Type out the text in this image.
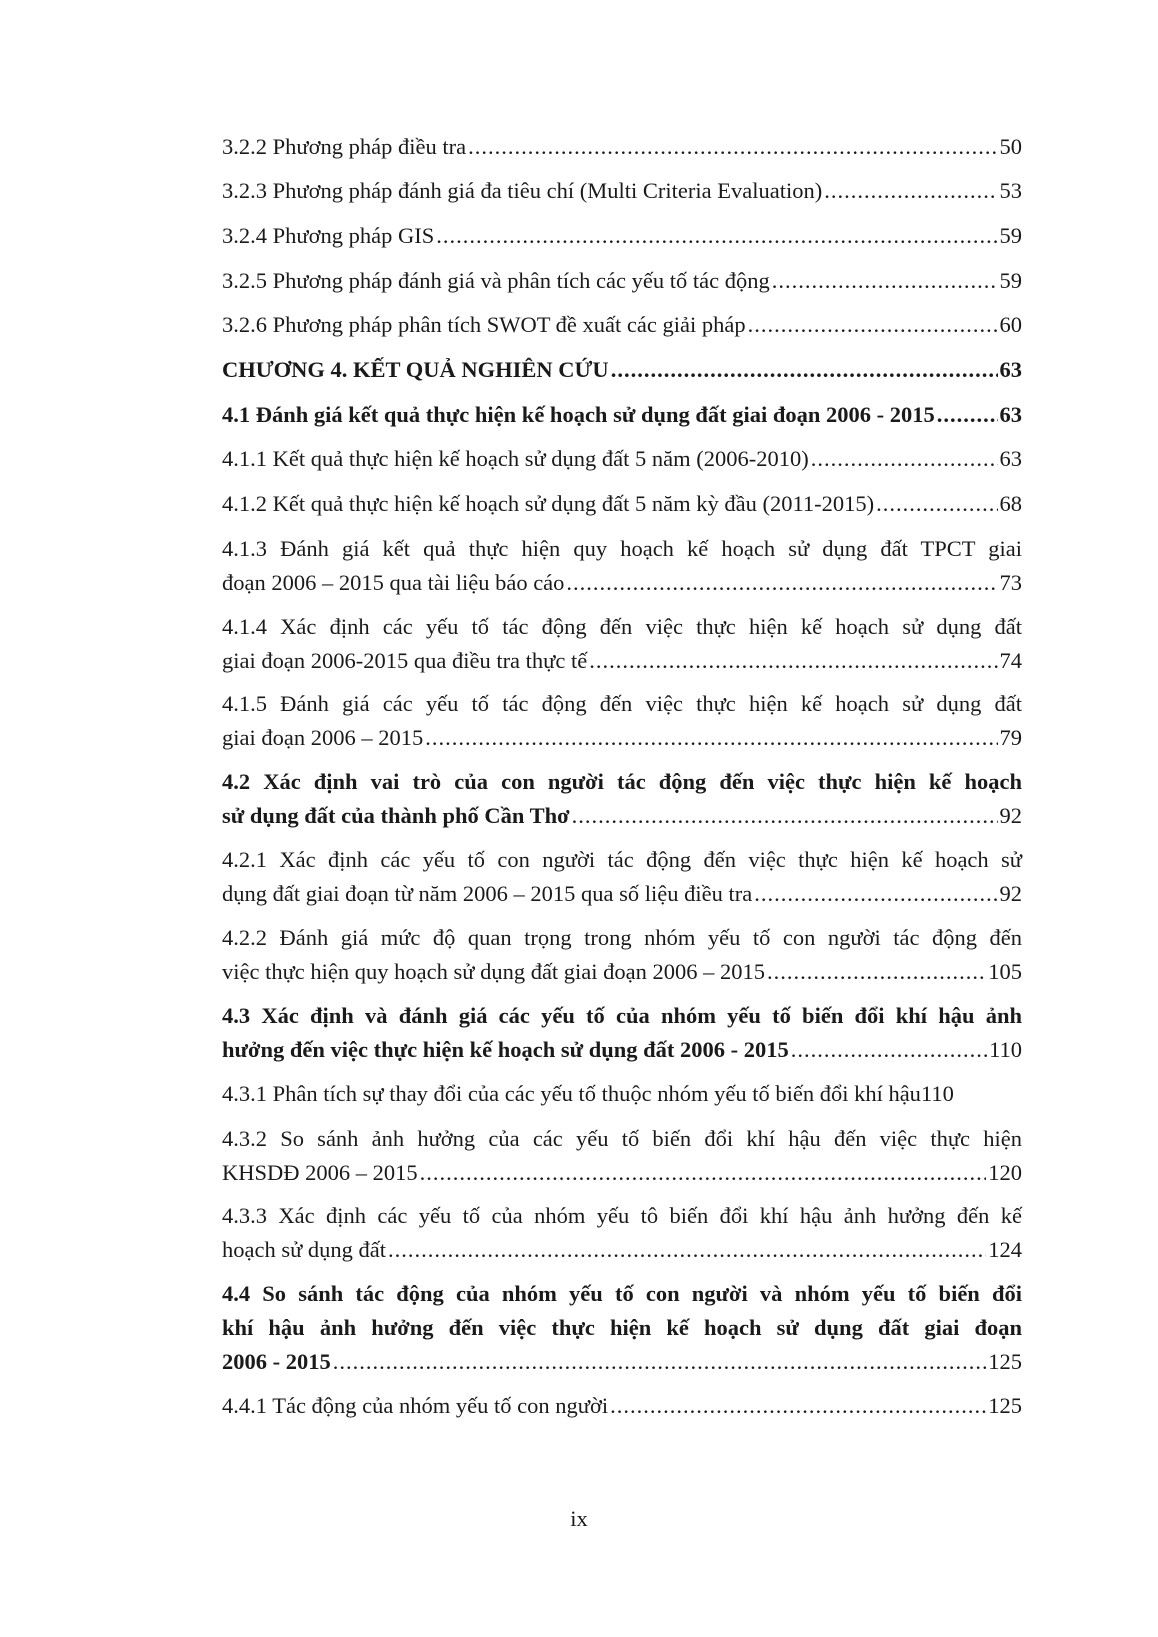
3.2.2 Phương pháp điều tra .....	50
3.2.3 Phương pháp đánh giá đa tiêu chí (Multi Criteria Evaluation) .....	53
3.2.4 Phương pháp GIS .....	59
3.2.5 Phương pháp đánh giá và phân tích các yếu tố tác động .....	59
3.2.6 Phương pháp phân tích SWOT đề xuất các giải pháp .....	60
CHƯƠNG 4. KẾT QUẢ NGHIÊN CỨU .....	63
4.1 Đánh giá kết quả thực hiện kế hoạch sử dụng đất giai đoạn 2006 - 2015 .....	63
4.1.1 Kết quả thực hiện kế hoạch sử dụng đất 5 năm (2006-2010) .....	63
4.1.2 Kết quả thực hiện kế hoạch sử dụng đất 5 năm kỳ đầu (2011-2015) .....	68
4.1.3 Đánh giá kết quả thực hiện quy hoạch kế hoạch sử dụng đất TPCT giai
đoạn 2006 – 2015 qua tài liệu báo cáo .....	73
4.1.4 Xác định các yếu tố tác động đến việc thực hiện kế hoạch sử dụng đất
giai đoạn 2006-2015 qua điều tra thực tế .....	74
4.1.5 Đánh giá các yếu tố tác động đến việc thực hiện kế hoạch sử dụng đất
giai đoạn 2006 – 2015 .....	79
4.2 Xác định vai trò của con người tác động đến việc thực hiện kế hoạch
sử dụng đất của thành phố Cần Thơ .....	92
4.2.1 Xác định các yếu tố con người tác động đến việc thực hiện kế hoạch sử
dụng đất giai đoạn từ năm 2006 – 2015 qua số liệu điều tra .....	92
4.2.2 Đánh giá mức độ quan trọng trong nhóm yếu tố con người tác động đến
việc thực hiện quy hoạch sử dụng đất giai đoạn 2006 – 2015 .....	105
4.3 Xác định và đánh giá các yếu tố của nhóm yếu tố biến đổi khí hậu ảnh
hưởng đến việc thực hiện kế hoạch sử dụng đất 2006 - 2015 .....	110
4.3.1 Phân tích sự thay đổi của các yếu tố thuộc nhóm yếu tố biến đổi khí hậu 110
4.3.2 So sánh ảnh hưởng của các yếu tố biến đổi khí hậu đến việc thực hiện
KHSDĐ 2006 – 2015 .....	120
4.3.3 Xác định các yếu tố của nhóm yếu tô biến đổi khí hậu ảnh hưởng đến kế
hoạch sử dụng đất .....	124
4.4 So sánh tác động của nhóm yếu tố con người và nhóm yếu tố biến đổi
khí hậu ảnh hưởng đến việc thực hiện kế hoạch sử dụng đất giai đoạn
2006 - 2015 .....	125
4.4.1 Tác động của nhóm yếu tố con người .....	125
ix
